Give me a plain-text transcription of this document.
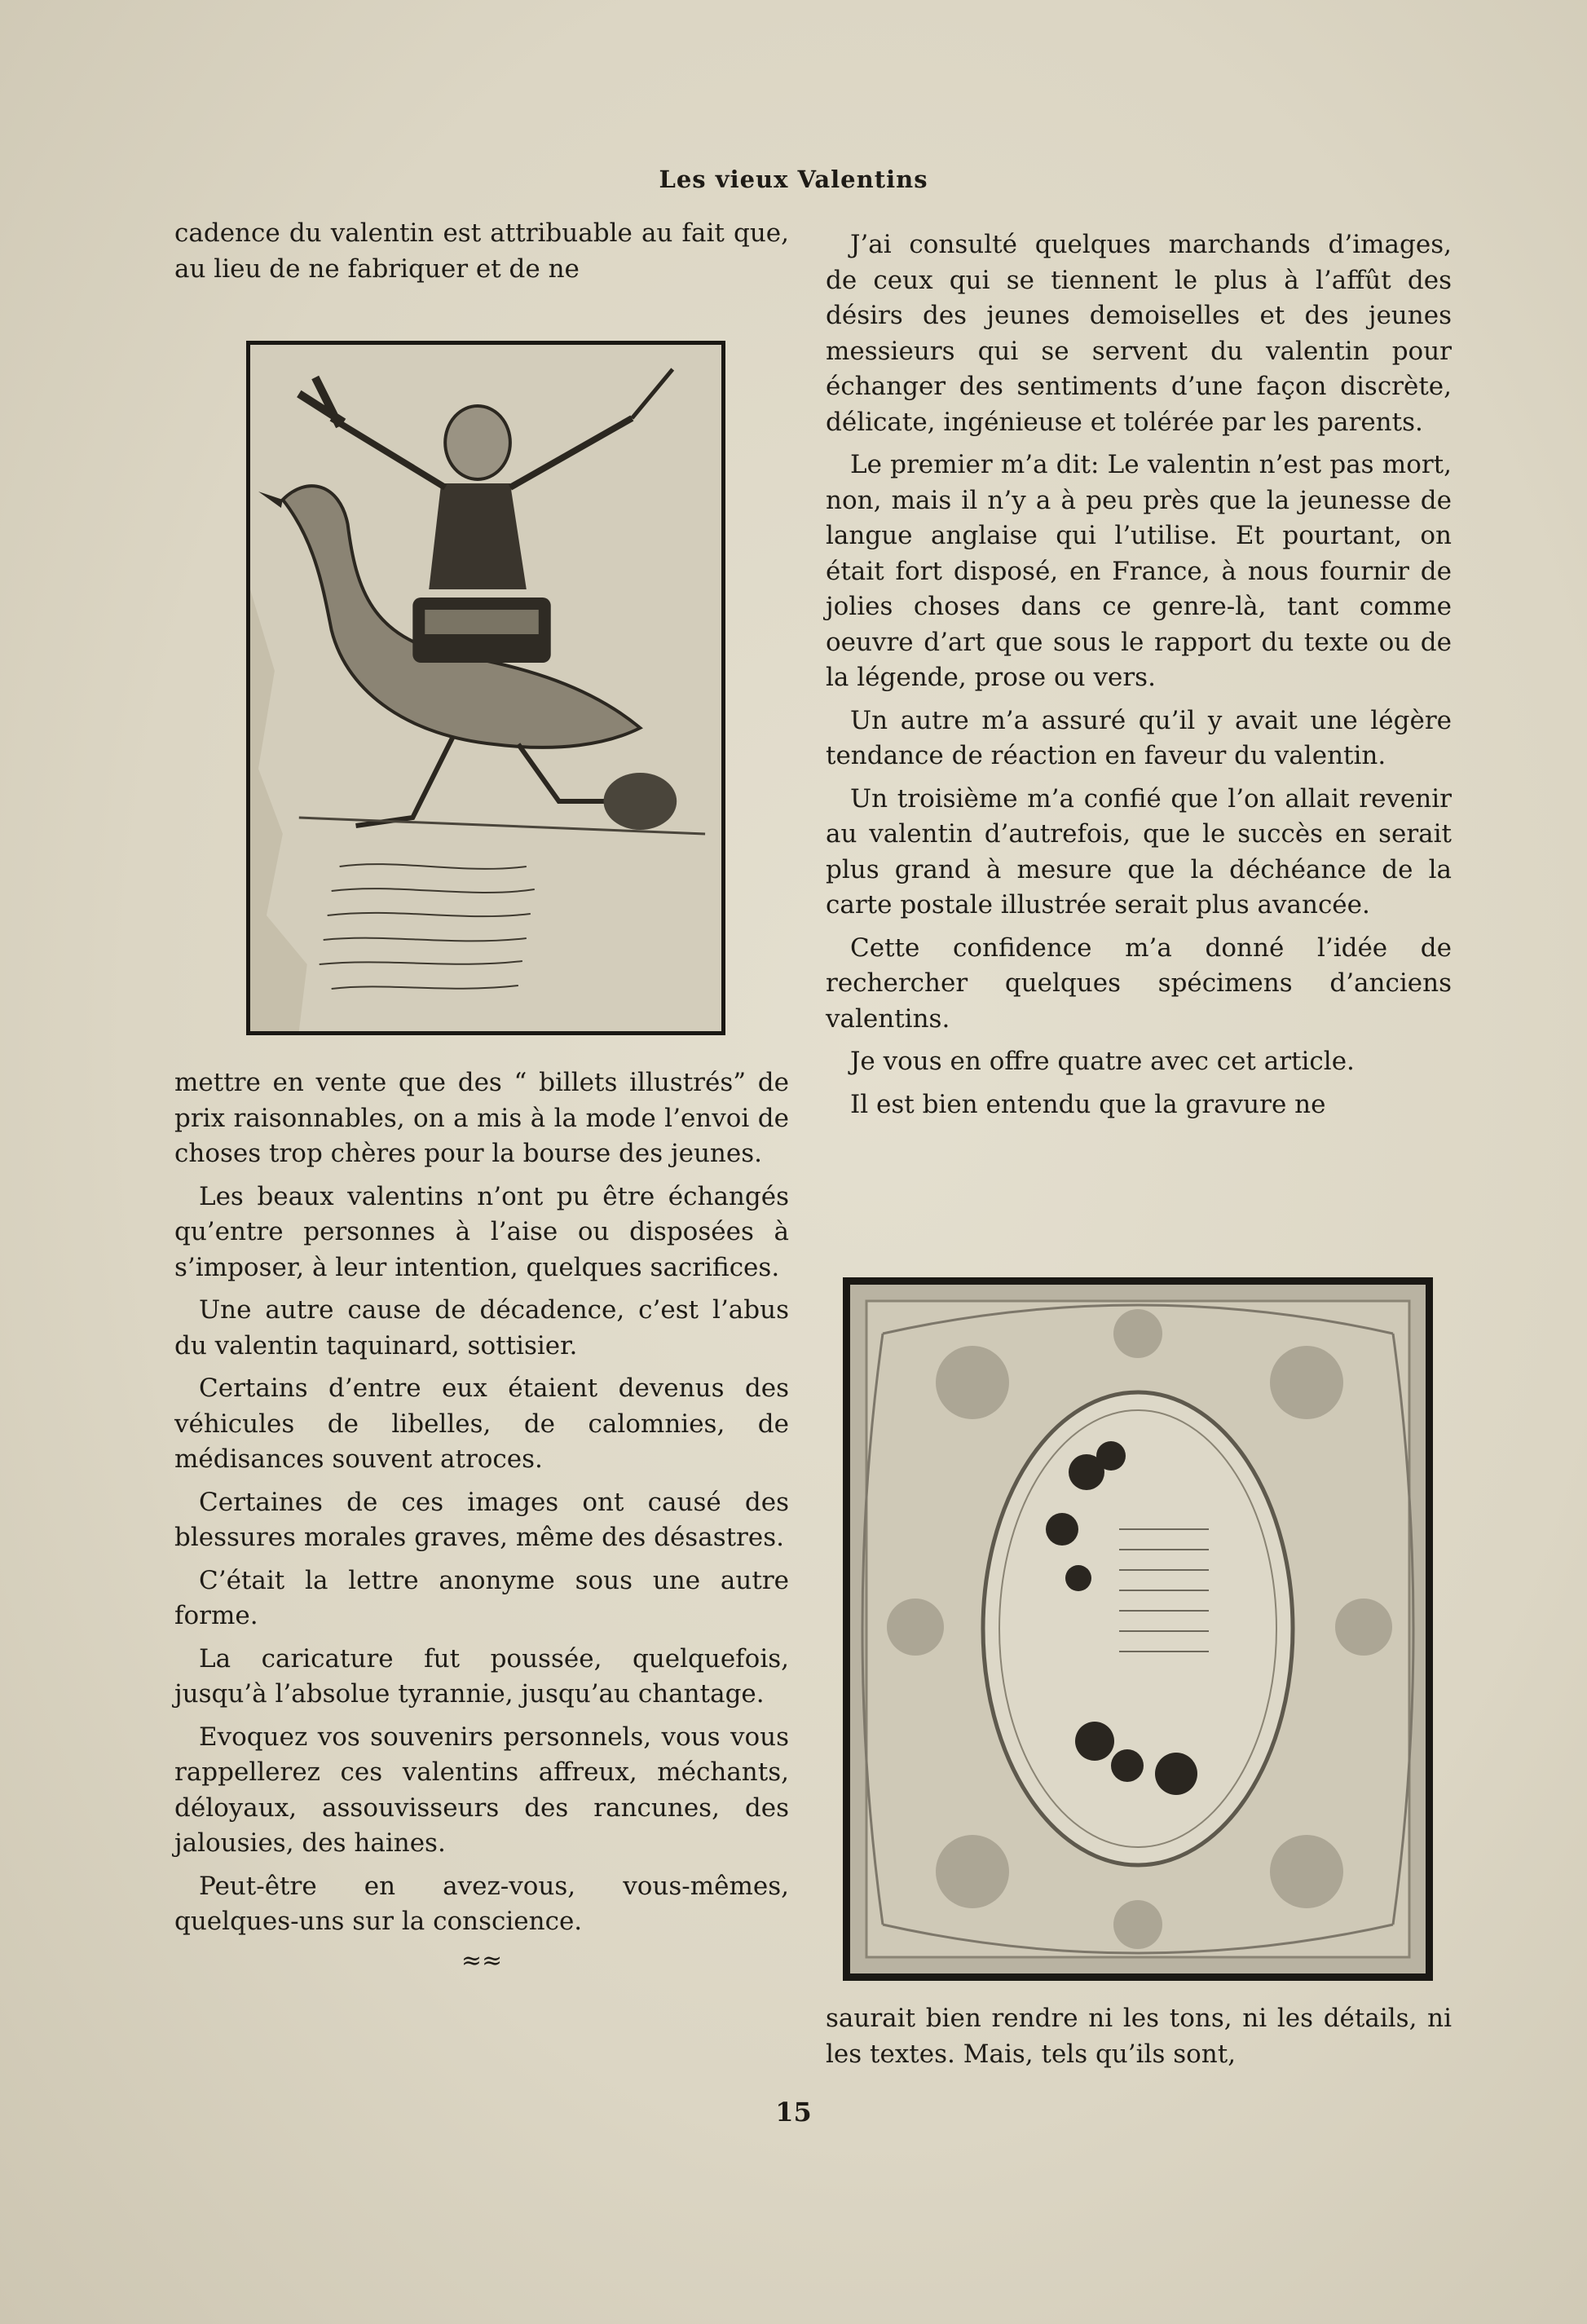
Les vieux Valentins

cadence du valentin est attribuable au fait que, au lieu de ne fabriquer et de ne

mettre en vente que des “ billets illustrés” de prix raisonnables, on a mis à la mode l’envoi de choses trop chères pour la bourse des jeunes.

Les beaux valentins n’ont pu être échangés qu’entre personnes à l’aise ou disposées à s’imposer, à leur intention, quelques sacrifices.

Une autre cause de décadence, c’est l’abus du valentin taquinard, sottisier.

Certains d’entre eux étaient devenus des véhicules de libelles, de calomnies, de médisances souvent atroces.

Certaines de ces images ont causé des blessures morales graves, même des désastres.

C’était la lettre anonyme sous une autre forme.

La caricature fut poussée, quelquefois, jusqu’à l’absolue tyrannie, jusqu’au chantage.

Evoquez vos souvenirs personnels, vous vous rappellerez ces valentins affreux, méchants, déloyaux, assouvisseurs des rancunes, des jalousies, des haines.

Peut-être en avez-vous, vous-mêmes, quelques-uns sur la conscience.

≈≈

J’ai consulté quelques marchands d’images, de ceux qui se tiennent le plus à l’affût des désirs des jeunes demoiselles et des jeunes messieurs qui se servent du valentin pour échanger des sentiments d’une façon discrète, délicate, ingénieuse et tolérée par les parents.

Le premier m’a dit: Le valentin n’est pas mort, non, mais il n’y a à peu près que la jeunesse de langue anglaise qui l’utilise. Et pourtant, on était fort disposé, en France, à nous fournir de jolies choses dans ce genre-là, tant comme oeuvre d’art que sous le rapport du texte ou de la légende, prose ou vers.

Un autre m’a assuré qu’il y avait une légère tendance de réaction en faveur du valentin.

Un troisième m’a confié que l’on allait revenir au valentin d’autrefois, que le succès en serait plus grand à mesure que la déchéance de la carte postale illustrée serait plus avancée.

Cette confidence m’a donné l’idée de rechercher quelques spécimens d’anciens valentins.

Je vous en offre quatre avec cet article.

Il est bien entendu que la gravure ne

saurait bien rendre ni les tons, ni les détails, ni les textes. Mais, tels qu’ils sont,

15
